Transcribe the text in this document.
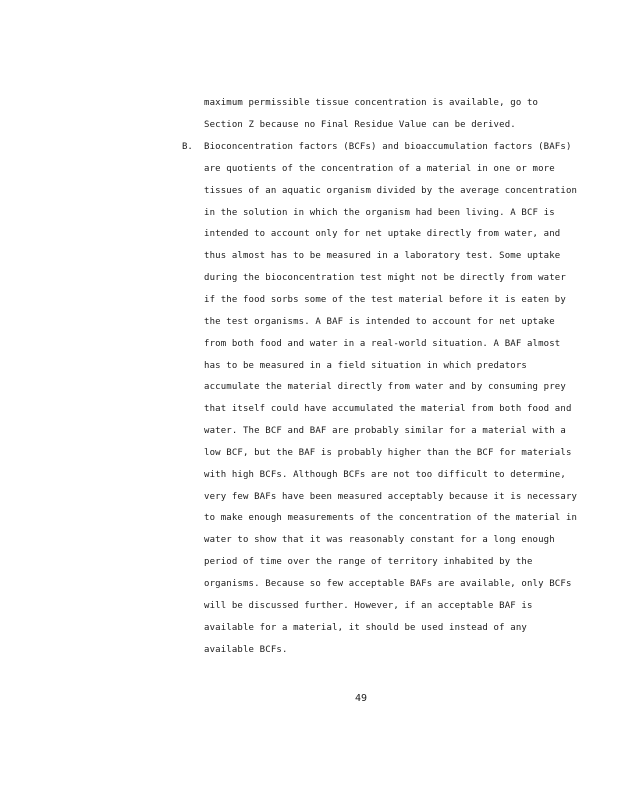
maximum permissible tissue concentration is available, go to
Section Z because no Final Residue Value can be derived.
Bioconcentration factors (BCFs) and bioaccumulation factors (BAFs)
are quotients of the concentration of a material in one or more
tissues of an aquatic organism divided by the average concentration
in the solution in which the organism had been living. A BCF is
intended to account only for net uptake directly from water, and
thus almost has to be measured in a laboratory test. Some uptake
during the bioconcentration test might not be directly from water
if the food sorbs some of the test material before it is eaten by
the test organisms. A BAF is intended to account for net uptake
from both food and water in a real-world situation. A BAF almost
has to be measured in a field situation in which predators
accumulate the material directly from water and by consuming prey
that itself could have accumulated the material from both food and
water. The BCF and BAF are probably similar for a material with a
low BCF, but the BAF is probably higher than the BCF for materials
with high BCFs. Although BCFs are not too difficult to determine,
very few BAFs have been measured acceptably because it is necessary
to make enough measurements of the concentration of the material in
water to show that it was reasonably constant for a long enough
period of time over the range of territory inhabited by the
organisms. Because so few acceptable BAFs are available, only BCFs
will be discussed further. However, if an acceptable BAF is
available for a material, it should be used instead of any
available BCFs.
B.
49
